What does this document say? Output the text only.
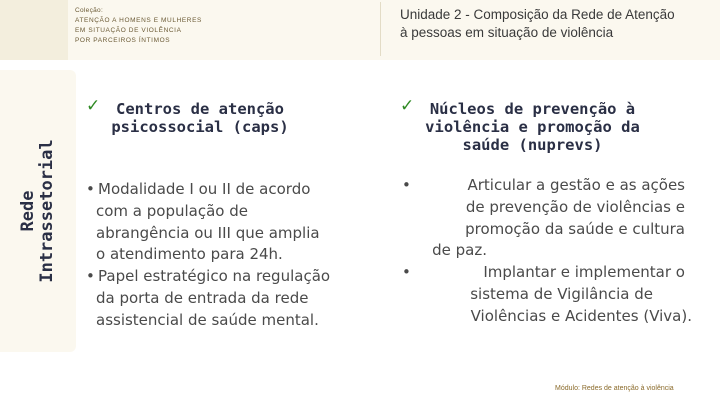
Coleção:
ATENÇÃO A HOMENS E MULHERES
EM SITUAÇÃO DE VIOLÊNCIA
POR PARCEIROS ÍNTIMOS
Unidade 2 - Composição da Rede de Atenção
à pessoas em situação de violência
Rede Intrassetorial
✓	Centros de atenção
psicossocial (caps)
• Modalidade I ou II de acordo
com a população de
abrangência ou III que amplia
o atendimento para 24h.
• Papel estratégico na regulação
da porta de entrada da rede
assistencial de saúde mental.
✓	Núcleos de prevenção à
violência e promoção da
saúde (nuprevs)
•	Articular a gestão e as ações
de prevenção de violências e
promoção da saúde e cultura
de paz.
•	Implantar e implementar o
sistema de Vigilância de
Violências e Acidentes (Viva).
Módulo: Redes de atenção à violência
